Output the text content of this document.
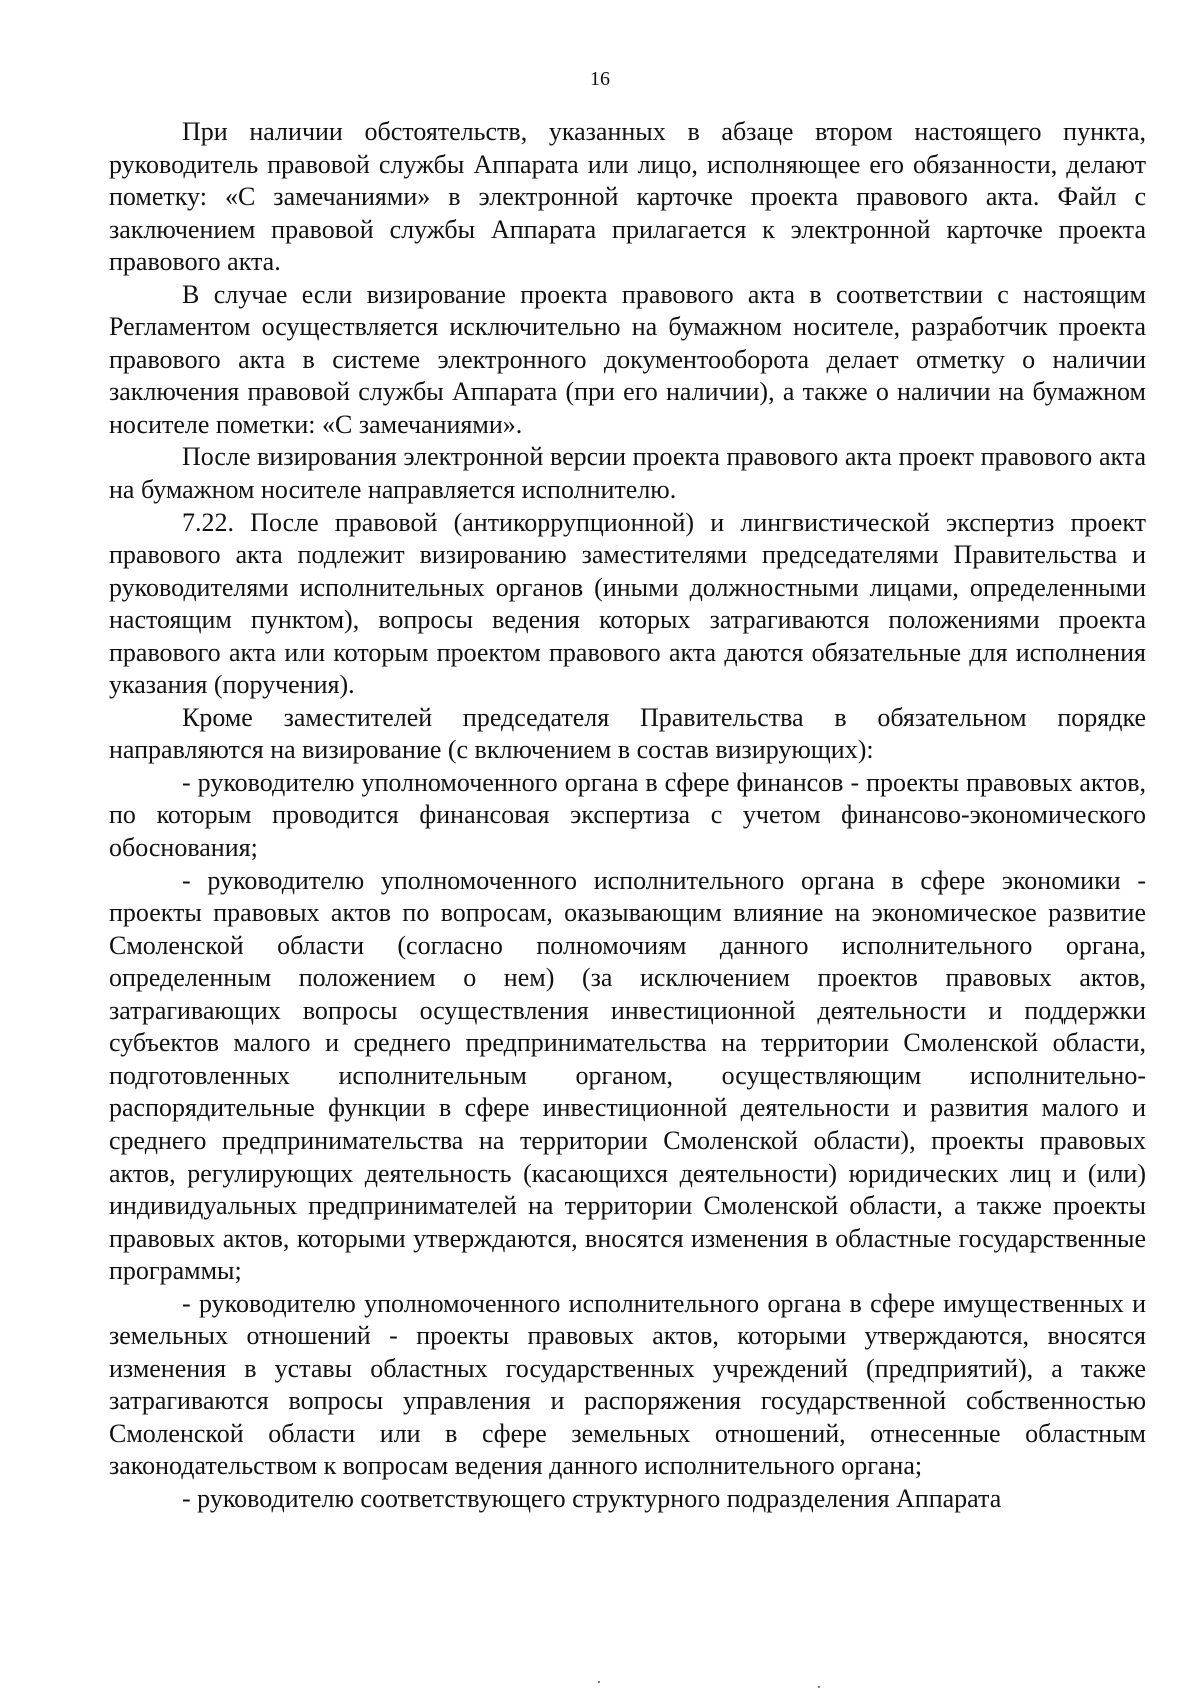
16

При наличии обстоятельств, указанных в абзаце втором настоящего пункта, руководитель правовой службы Аппарата или лицо, исполняющее его обязанности, делают пометку: «С замечаниями» в электронной карточке проекта правового акта. Файл с заключением правовой службы Аппарата прилагается к электронной карточке проекта правового акта.

В случае если визирование проекта правового акта в соответствии с настоящим Регламентом осуществляется исключительно на бумажном носителе, разработчик проекта правового акта в системе электронного документооборота делает отметку о наличии заключения правовой службы Аппарата (при его наличии), а также о наличии на бумажном носителе пометки: «С замечаниями».

После визирования электронной версии проекта правового акта проект правового акта на бумажном носителе направляется исполнителю.

7.22. После правовой (антикоррупционной) и лингвистической экспертиз проект правового акта подлежит визированию заместителями председателями Правительства и руководителями исполнительных органов (иными должностными лицами, определенными настоящим пунктом), вопросы ведения которых затрагиваются положениями проекта правового акта или которым проектом правового акта даются обязательные для исполнения указания (поручения).

Кроме заместителей председателя Правительства в обязательном порядке направляются на визирование (с включением в состав визирующих):

- руководителю уполномоченного органа в сфере финансов - проекты правовых актов, по которым проводится финансовая экспертиза с учетом финансово-экономического обоснования;

- руководителю уполномоченного исполнительного органа в сфере экономики - проекты правовых актов по вопросам, оказывающим влияние на экономическое развитие Смоленской области (согласно полномочиям данного исполнительного органа, определенным положением о нем) (за исключением проектов правовых актов, затрагивающих вопросы осуществления инвестиционной деятельности и поддержки субъектов малого и среднего предпринимательства на территории Смоленской области, подготовленных исполнительным органом, осуществляющим исполнительно-распорядительные функции в сфере инвестиционной деятельности и развития малого и среднего предпринимательства на территории Смоленской области), проекты правовых актов, регулирующих деятельность (касающихся деятельности) юридических лиц и (или) индивидуальных предпринимателей на территории Смоленской области, а также проекты правовых актов, которыми утверждаются, вносятся изменения в областные государственные программы;

- руководителю уполномоченного исполнительного органа в сфере имущественных и земельных отношений - проекты правовых актов, которыми утверждаются, вносятся изменения в уставы областных государственных учреждений (предприятий), а также затрагиваются вопросы управления и распоряжения государственной собственностью Смоленской области или в сфере земельных отношений, отнесенные областным законодательством к вопросам ведения данного исполнительного органа;

- руководителю соответствующего структурного подразделения Аппарата
